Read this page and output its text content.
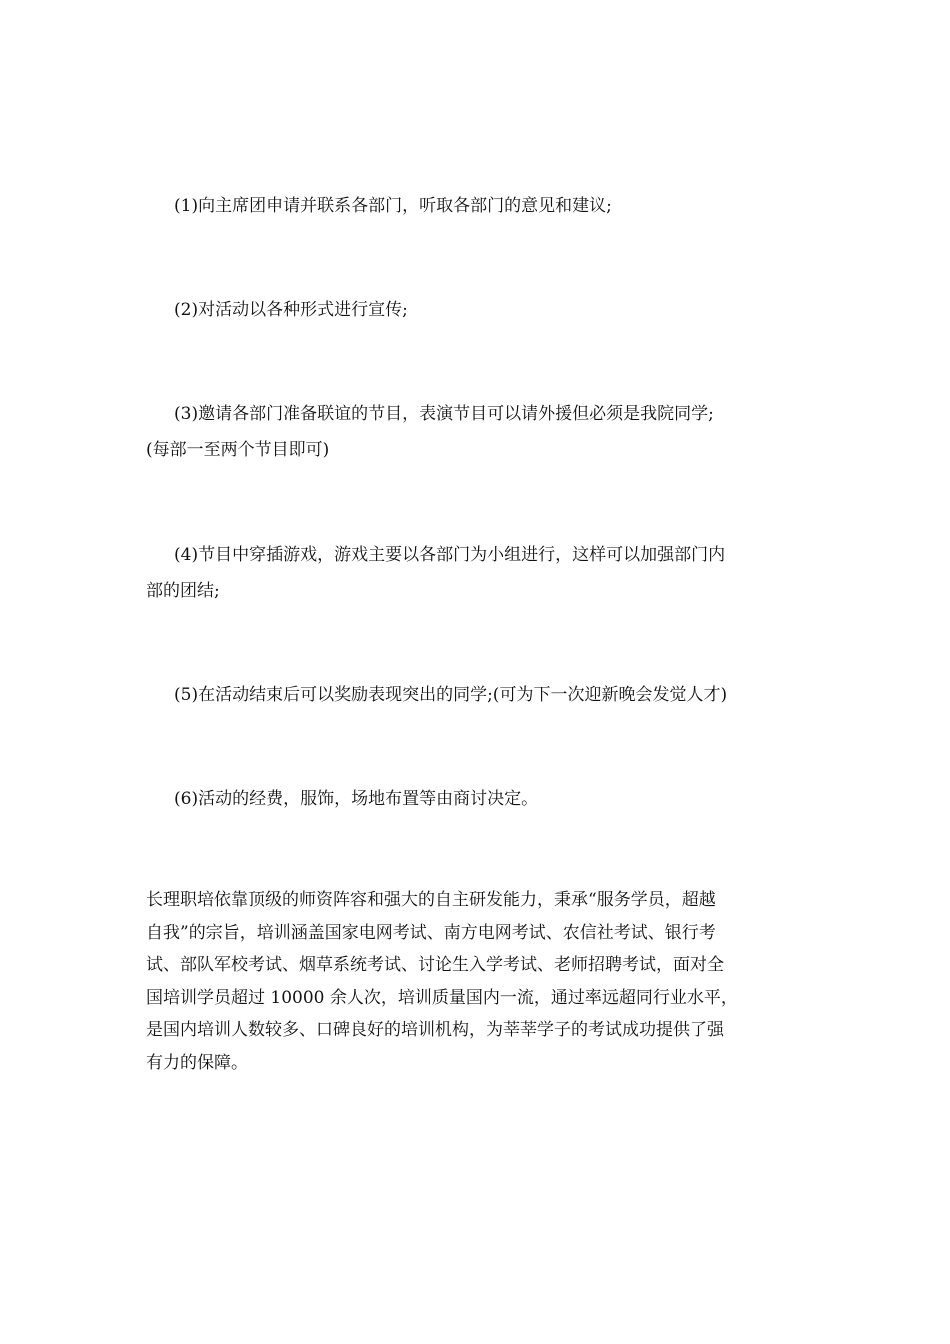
(1)向主席团申请并联系各部门，听取各部门的意见和建议;
(2)对活动以各种形式进行宣传;
(3)邀请各部门准备联谊的节目，表演节目可以请外援但必须是我院同学;
(每部一至两个节目即可)
(4)节目中穿插游戏，游戏主要以各部门为小组进行，这样可以加强部门内
部的团结;
(5)在活动结束后可以奖励表现突出的同学;(可为下一次迎新晚会发觉人才)
(6)活动的经费，服饰，场地布置等由商讨决定。
长理职培依靠顶级的师资阵容和强大的自主研发能力，秉承“服务学员，超越
自我”的宗旨，培训涵盖国家电网考试、南方电网考试、农信社考试、银行考
试、部队军校考试、烟草系统考试、讨论生入学考试、老师招聘考试，面对全
国培训学员超过 10000 余人次，培训质量国内一流，通过率远超同行业水平，
是国内培训人数较多、口碑良好的培训机构，为莘莘学子的考试成功提供了强
有力的保障。
